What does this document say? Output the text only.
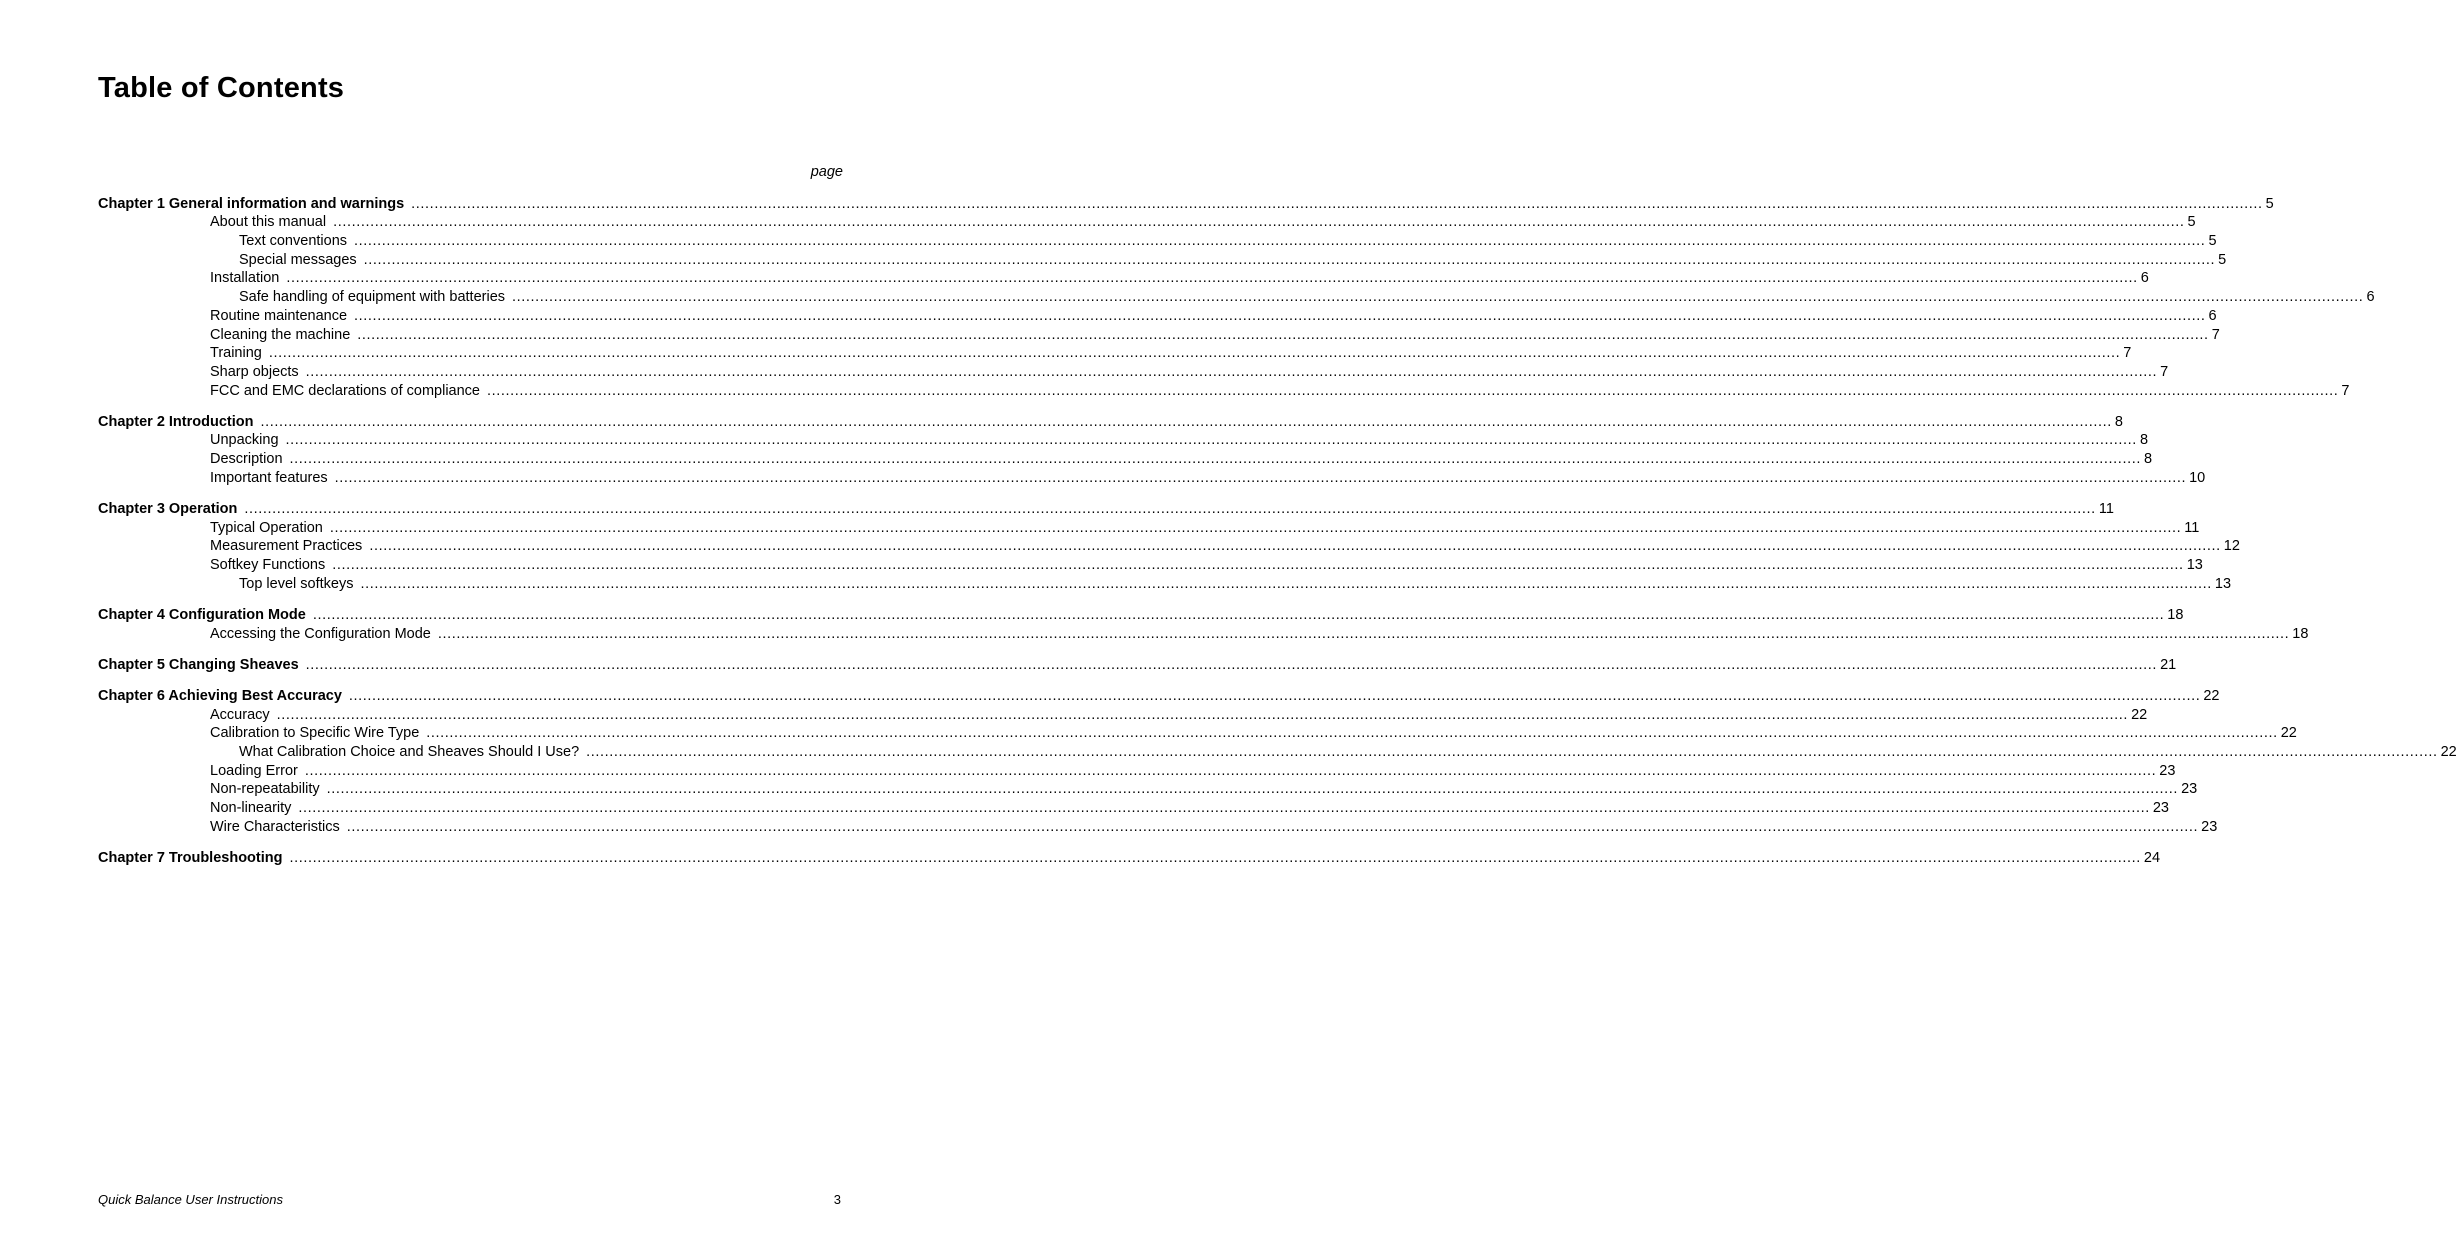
Table of Contents
page
Chapter 1 General information and warnings ................................................................................................................................................................................................................................................................................................................................................................................................................ 5
About this manual ................................................................................................................................................................................................................................................................................................................................................................................................................ 5
Text conventions ................................................................................................................................................................................................................................................................................................................................................................................................................ 5
Special messages ................................................................................................................................................................................................................................................................................................................................................................................................................ 5
Installation ................................................................................................................................................................................................................................................................................................................................................................................................................ 6
Safe handling of equipment with batteries ................................................................................................................................................................................................................................................................................................................................................................................................................ 6
Routine maintenance ................................................................................................................................................................................................................................................................................................................................................................................................................ 6
Cleaning the machine ................................................................................................................................................................................................................................................................................................................................................................................................................ 7
Training ................................................................................................................................................................................................................................................................................................................................................................................................................ 7
Sharp objects ................................................................................................................................................................................................................................................................................................................................................................................................................ 7
FCC and EMC declarations of compliance ................................................................................................................................................................................................................................................................................................................................................................................................................ 7
Chapter 2 Introduction ................................................................................................................................................................................................................................................................................................................................................................................................................ 8
Unpacking ................................................................................................................................................................................................................................................................................................................................................................................................................ 8
Description ................................................................................................................................................................................................................................................................................................................................................................................................................ 8
Important features ................................................................................................................................................................................................................................................................................................................................................................................................................ 10
Chapter 3 Operation ................................................................................................................................................................................................................................................................................................................................................................................................................ 11
Typical Operation ................................................................................................................................................................................................................................................................................................................................................................................................................ 11
Measurement Practices ................................................................................................................................................................................................................................................................................................................................................................................................................ 12
Softkey Functions ................................................................................................................................................................................................................................................................................................................................................................................................................ 13
Top level softkeys ................................................................................................................................................................................................................................................................................................................................................................................................................ 13
Chapter 4 Configuration Mode ................................................................................................................................................................................................................................................................................................................................................................................................................ 18
Accessing the Configuration Mode ................................................................................................................................................................................................................................................................................................................................................................................................................ 18
Chapter 5 Changing Sheaves ................................................................................................................................................................................................................................................................................................................................................................................................................ 21
Chapter 6 Achieving Best Accuracy ................................................................................................................................................................................................................................................................................................................................................................................................................ 22
Accuracy ................................................................................................................................................................................................................................................................................................................................................................................................................ 22
Calibration to Specific Wire Type ................................................................................................................................................................................................................................................................................................................................................................................................................ 22
What Calibration Choice and Sheaves Should I Use? ................................................................................................................................................................................................................................................................................................................................................................................................................ 22
Loading Error ................................................................................................................................................................................................................................................................................................................................................................................................................ 23
Non-repeatability ................................................................................................................................................................................................................................................................................................................................................................................................................ 23
Non-linearity ................................................................................................................................................................................................................................................................................................................................................................................................................ 23
Wire Characteristics ................................................................................................................................................................................................................................................................................................................................................................................................................ 23
Chapter 7 Troubleshooting ................................................................................................................................................................................................................................................................................................................................................................................................................ 24
Quick Balance User Instructions	3
